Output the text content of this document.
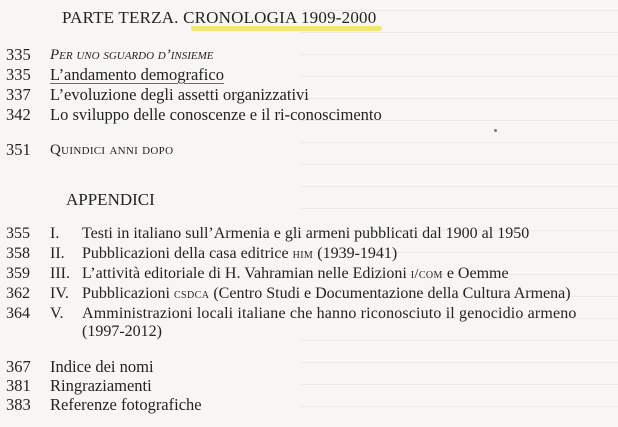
PARTE TERZA. C
RONOLOGIA 1909-2000
335	Per uno sguardo d’insieme
335	L’andamento demografico
337	L’evoluzione degli assetti organizzativi
342	Lo sviluppo delle conoscenze e il ri-conoscimento
351	Quindici anni dopo
APPENDICI
355	I.	Testi in italiano sull’Armenia e gli armeni pubblicati dal 1900 al 1950
358	II.	Pubblicazioni della casa editrice him (1939-1941)
359	III. L’attività editoriale di H. Vahramian nelle Edizioni i/com e Oemme
362	IV. Pubblicazioni csdca (Centro Studi e Documentazione della Cultura Armena)
364	V.	Amministrazioni locali italiane che hanno riconosciuto il genocidio armeno
(1997-2012)
367	Indice dei nomi
381	Ringraziamenti
383	Referenze fotografiche
